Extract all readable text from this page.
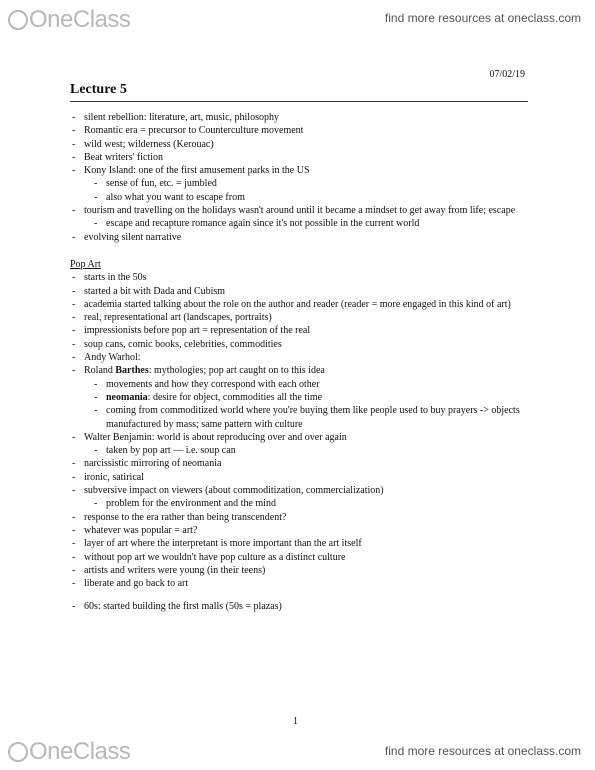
OneClass	find more resources at oneclass.com
07/02/19
Lecture 5
- silent rebellion: literature, art, music, philosophy
- Romantic era = precursor to Counterculture movement
- wild west; wilderness (Kerouac)
- Beat writers' fiction
- Kony Island: one of the first amusement parks in the US
- sense of fun, etc. = jumbled
- also what you want to escape from
- tourism and travelling on the holidays wasn't around until it became a mindset to get away from life; escape
- escape and recapture romance again since it's not possible in the current world
- evolving silent narrative
Pop Art
- starts in the 50s
- started a bit with Dada and Cubism
- academia started talking about the role on the author and reader (reader = more engaged in this kind of art)
- real, representational art (landscapes, portraits)
- impressionists before pop art = representation of the real
- soup cans, comic books, celebrities, commodities
- Andy Warhol:
- Roland Barthes: mythologies; pop art caught on to this idea
- movements and how they correspond with each other
- neomania: desire for object, commodities all the time
- coming from commoditized world where you're buying them like people used to buy prayers -> objects manufactured by mass; same pattern with culture
- Walter Benjamin: world is about reproducing over and over again
- taken by pop art — i.e. soup can
- narcissistic mirroring of neomania
- ironic, satirical
- subversive impact on viewers (about commoditization, commercialization)
- problem for the environment and the mind
- response to the era rather than being transcendent?
- whatever was popular = art?
- layer of art where the interpretant is more important than the art itself
- without pop art we wouldn't have pop culture as a distinct culture
- artists and writers were young (in their teens)
- liberate and go back to art
- 60s: started building the first malls (50s = plazas)
1
OneClass	find more resources at oneclass.com
